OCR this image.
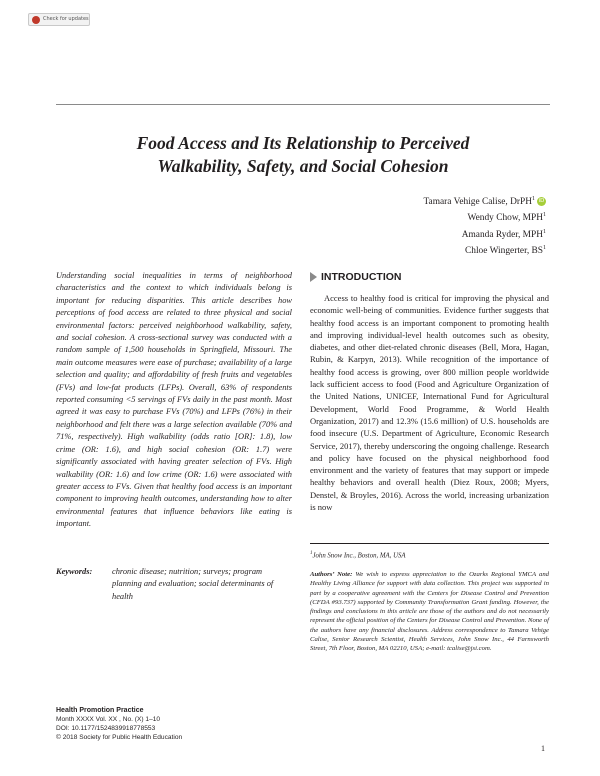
Check for updates
Food Access and Its Relationship to Perceived
Walkability, Safety, and Social Cohesion
Tamara Vehige Calise, DrPH$^1$ iD
Wendy Chow, MPH$^1$
Amanda Ryder, MPH$^1$
Chloe Wingerter, $BS^1$

Understanding social inequalities in terms of neighborhood characteristics and the context to which individuals belong is important for reducing disparities. This article describes how perceptions of food access are related to three physical and social environmental factors: perceived neighborhood walkability, safety, and social cohesion. A cross-sectional survey was conducted with a random sample of 1,500 households in Springfield, Missouri. The main outcome measures were ease of purchase; availability of a large selection and quality; and affordability of fresh fruits and vegetables (FVs) and low-fat products (LFPs). Overall, 63% of respondents reported consuming <5 servings of FVs daily in the past month. Most agreed it was easy to purchase FVs (70%) and LFPs (76%) in their neighborhood and felt there was a large selection available (70% and 71%, respectively). High walkability (odds ratio [OR]: 1.8), low crime (OR: 1.6), and high social cohesion (OR: 1.7) were significantly associated with having greater selection of FVs. High walkability (OR: 1.6) and low crime (OR: 1.6) were associated with greater access to FVs. Given that healthy food access is an important component to improving health outcomes, understanding how to alter environmental features that influence behaviors like eating is important.

Keywords:	chronic disease; nutrition; surveys; program planning and evaluation; social determinants of health
Health Promotion Practice
Month XXXX Vol. XX , No. (X) 1–10
DOI: 10.1177/1524839918778553
© 2018 Society for Public Health Education
INTRODUCTION

Access to healthy food is critical for improving the physical and economic well-being of communities. Evidence further suggests that healthy food access is an important component to promoting health and improving individual-level health outcomes such as obesity, diabetes, and other diet-related chronic diseases (Bell, Mora, Hagan, Rubin, & Karpyn, 2013). While recognition of the importance of healthy food access is growing, over 800 million people worldwide lack sufficient access to food (Food and Agriculture Organization of the United Nations, UNICEF, International Fund for Agricultural Development, World Food Programme, & World Health Organization, 2017) and 12.3% (15.6 million) of U.S. households are food insecure (U.S. Department of Agriculture, Economic Research Service, 2017), thereby underscoring the ongoing challenge. Research and policy have focused on the physical neighborhood food environment and the variety of features that may support or impede healthy behaviors and overall health (Diez Roux, 2008; Myers, Denstel, & Broyles, 2016). Across the world, increasing urbanization is now

$^1$John Snow Inc., Boston, MA, USA

Authors’ Note: We wish to express appreciation to the Ozarks Regional YMCA and Healthy Living Alliance for support with data collection. This project was supported in part by a cooperative agreement with the Centers for Disease Control and Prevention (CFDA #93.737) supported by Community Transformation Grant funding. However, the findings and conclusions in this article are those of the authors and do not necessarily represent the official position of the Centers for Disease Control and Prevention. None of the authors have any financial disclosures. Address correspondence to Tamara Vehige Calise, Senior Research Scientist, Health Services, John Snow Inc., 44 Farnsworth Street, 7th Floor, Boston, MA 02210, USA; e-mail: tcalise@jsi.com.

1
